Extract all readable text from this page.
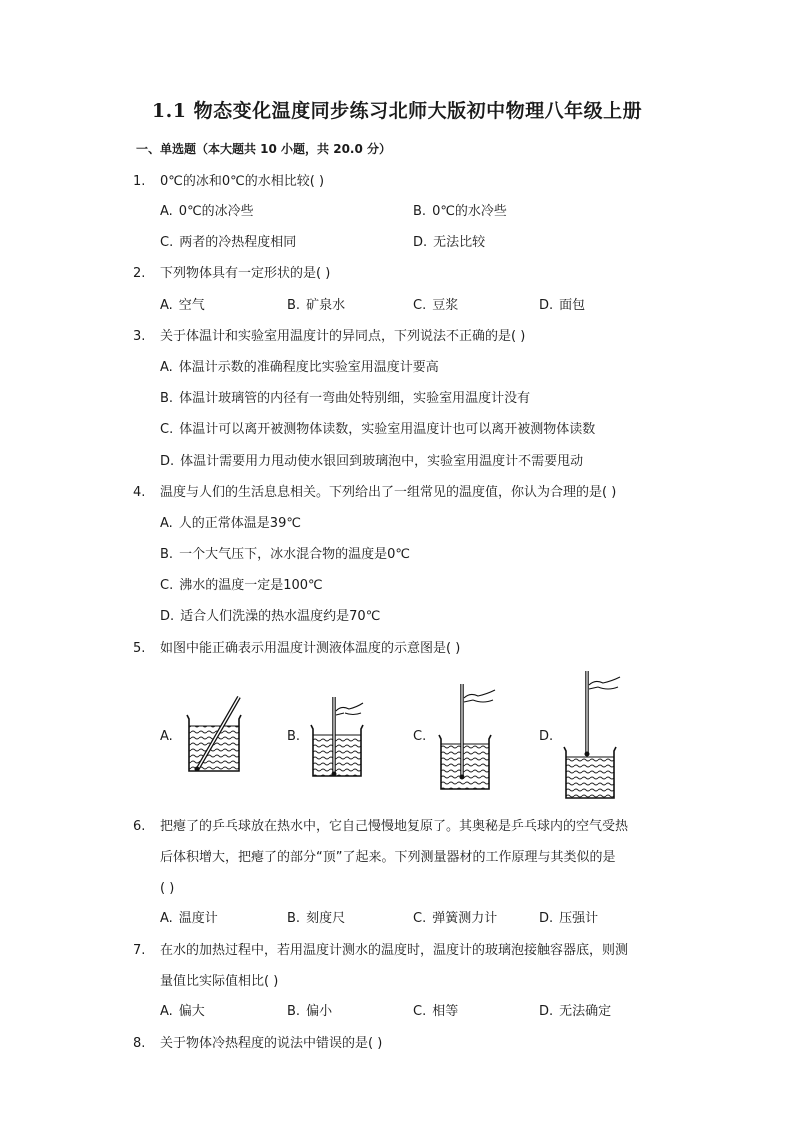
1.1 物态变化温度同步练习北师大版初中物理八年级上册
一、单选题（本大题共 10 小题，共 20.0 分）
1.	0℃的冰和0℃的水相比较( )
A. 0℃的冰冷些	B. 0℃的水冷些
C. 两者的冷热程度相同	D. 无法比较
2.	下列物体具有一定形状的是( )
A. 空气	B. 矿泉水	C. 豆浆	D. 面包
3.	关于体温计和实验室用温度计的异同点，下列说法不正确的是( )
A. 体温计示数的准确程度比实验室用温度计要高
B. 体温计玻璃管的内径有一弯曲处特别细，实验室用温度计没有
C. 体温计可以离开被测物体读数，实验室用温度计也可以离开被测物体读数
D. 体温计需要用力甩动使水银回到玻璃泡中，实验室用温度计不需要甩动
4.	温度与人们的生活息息相关。下列给出了一组常见的温度值，你认为合理的是( )
A. 人的正常体温是39℃
B. 一个大气压下，冰水混合物的温度是0℃
C. 沸水的温度一定是100℃
D. 适合人们洗澡的热水温度约是70℃
5.	如图中能正确表示用温度计测液体温度的示意图是( )
A.	B.	C.	D.
6.	把瘪了的乒乓球放在热水中，它自己慢慢地复原了。其奥秘是乒乓球内的空气受热
后体积增大，把瘪了的部分“顶”了起来。下列测量器材的工作原理与其类似的是
( )
A. 温度计	B. 刻度尺	C. 弹簧测力计	D. 压强计
7.	在水的加热过程中，若用温度计测水的温度时，温度计的玻璃泡接触容器底，则测
量值比实际值相比( )
A. 偏大	B. 偏小	C. 相等	D. 无法确定
8.	关于物体冷热程度的说法中错误的是( )
